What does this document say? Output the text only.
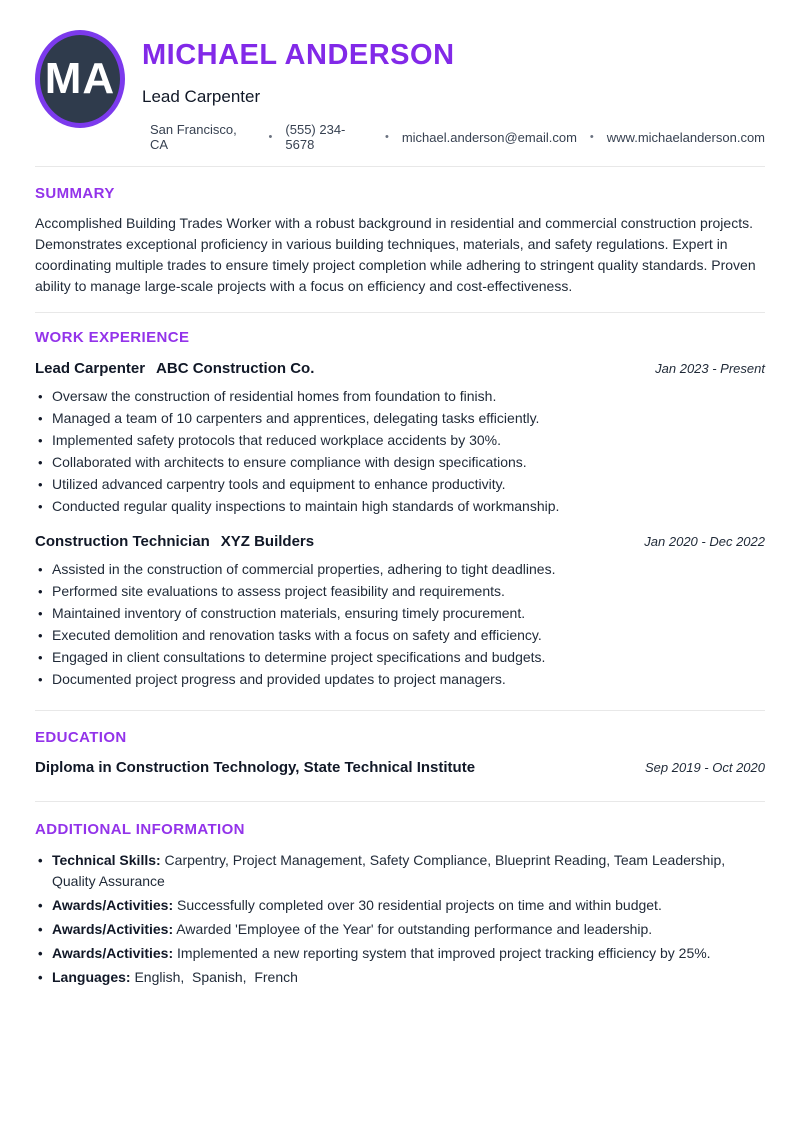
MA MICHAEL ANDERSON
Lead Carpenter
San Francisco, CA	• (555) 234-5678	• michael.anderson@email.com • www.michaelanderson.com
SUMMARY

Accomplished Building Trades Worker with a robust background in residential and commercial construction projects. Demonstrates exceptional proficiency in various building techniques, materials, and safety regulations. Expert in coordinating multiple trades to ensure timely project completion while adhering to stringent quality standards. Proven ability to manage large-scale projects with a focus on efficiency and cost-effectiveness.

WORK EXPERIENCE
Lead Carpenter ABC Construction Co.	Jan 2023 - Present
• Oversaw the construction of residential homes from foundation to finish.
• Managed a team of 10 carpenters and apprentices, delegating tasks efficiently.
• Implemented safety protocols that reduced workplace accidents by 30%.
• Collaborated with architects to ensure compliance with design specifications.
• Utilized advanced carpentry tools and equipment to enhance productivity.
• Conducted regular quality inspections to maintain high standards of workmanship.
Construction Technician XYZ Builders	Jan 2020 - Dec 2022
• Assisted in the construction of commercial properties, adhering to tight deadlines.
• Performed site evaluations to assess project feasibility and requirements.
• Maintained inventory of construction materials, ensuring timely procurement.
• Executed demolition and renovation tasks with a focus on safety and efficiency.
• Engaged in client consultations to determine project specifications and budgets.
• Documented project progress and provided updates to project managers.
EDUCATION
Diploma in Construction Technology, State Technical Institute	Sep 2019 - Oct 2020
ADDITIONAL INFORMATION
• Technical Skills: Carpentry, Project Management, Safety Compliance, Blueprint Reading, Team Leadership, Quality Assurance
• Awards/Activities: Successfully completed over 30 residential projects on time and within budget.
• Awards/Activities: Awarded 'Employee of the Year' for outstanding performance and leadership.
• Awards/Activities: Implemented a new reporting system that improved project tracking efficiency by 25%.
• Languages: English,  Spanish,  French
